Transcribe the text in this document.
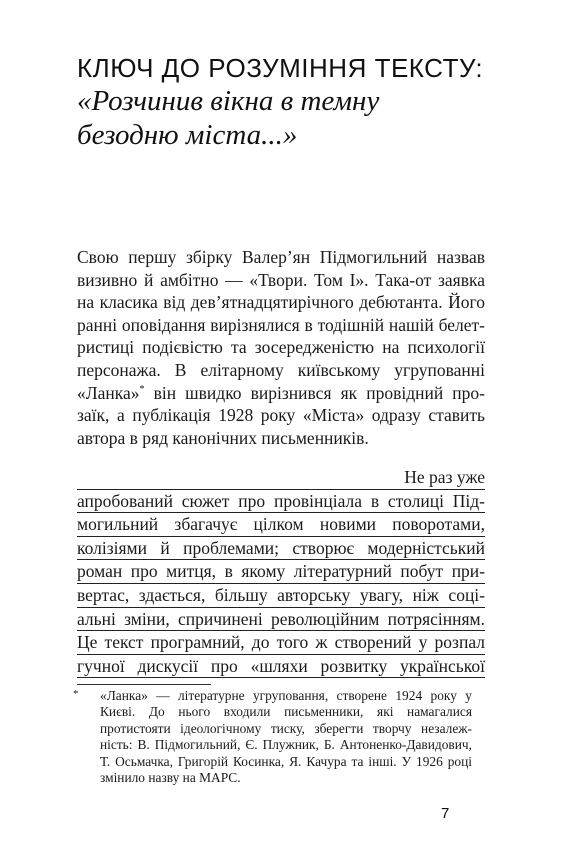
КЛЮЧ ДО РОЗУМІННЯ ТЕКСТУ:
«Розчинив вікна в темну
безодню міста...»
Свою першу збірку Валер’ян Підмогильний назвав визивно й амбітно — «Твори. Том І». Така-от заявка на класика від дев’ятнадцятирічного дебютанта. Його ранні оповідання вирізнялися в тодішній нашій белет- ристиці подієвістю та зосередженістю на психології персонажа. В елітарному київському угрупованні «Ланка»* він швидко вирізнився як провідний про- заїк, а публікація 1928 року «Міста» одразу ставить автора в ряд канонічних письменників.
Не раз уже
апробований сюжет про провінціала в столиці Під-
могильний збагачує цілком новими поворотами,
колізіями й проблемами; створює модерністський
роман про митця, в якому літературний побут при-
вертас, здається, більшу авторську увагу, ніж соці-
альні зміни, спричинені революційним потрясінням.
Це текст програмний, до того ж створений у розпал
гучної дискусії про «шляхи розвитку української
* «Ланка» — літературне угруповання, створене 1924 року у Києві. До нього входили письменники, які намагалися протистояти ідеологічному тиску, зберегти творчу незалеж- ність: В. Підмогильний, Є. Плужник, Б. Антоненко-Давидович, Т. Осьмачка, Григорій Косинка, Я. Качура та інші. У 1926 році змінило назву на МАРС.
7
